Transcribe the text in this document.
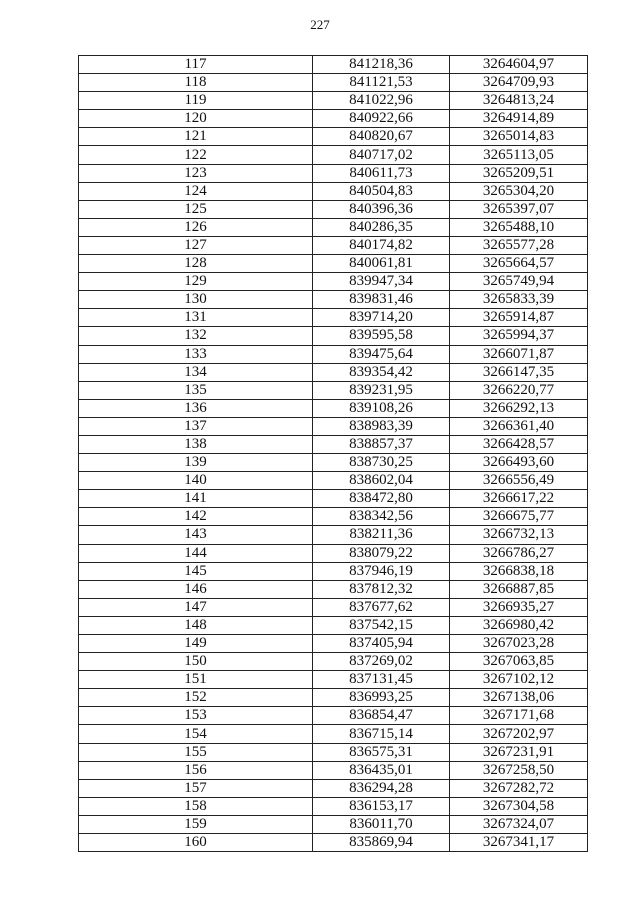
227
117	841218,36	3264604,97
118	841121,53	3264709,93
119	841022,96	3264813,24
120	840922,66	3264914,89
121	840820,67	3265014,83
122	840717,02	3265113,05
123	840611,73	3265209,51
124	840504,83	3265304,20
125	840396,36	3265397,07
126	840286,35	3265488,10
127	840174,82	3265577,28
128	840061,81	3265664,57
129	839947,34	3265749,94
130	839831,46	3265833,39
131	839714,20	3265914,87
132	839595,58	3265994,37
133	839475,64	3266071,87
134	839354,42	3266147,35
135	839231,95	3266220,77
136	839108,26	3266292,13
137	838983,39	3266361,40
138	838857,37	3266428,57
139	838730,25	3266493,60
140	838602,04	3266556,49
141	838472,80	3266617,22
142	838342,56	3266675,77
143	838211,36	3266732,13
144	838079,22	3266786,27
145	837946,19	3266838,18
146	837812,32	3266887,85
147	837677,62	3266935,27
148	837542,15	3266980,42
149	837405,94	3267023,28
150	837269,02	3267063,85
151	837131,45	3267102,12
152	836993,25	3267138,06
153	836854,47	3267171,68
154	836715,14	3267202,97
155	836575,31	3267231,91
156	836435,01	3267258,50
157	836294,28	3267282,72
158	836153,17	3267304,58
159	836011,70	3267324,07
160	835869,94	3267341,17
